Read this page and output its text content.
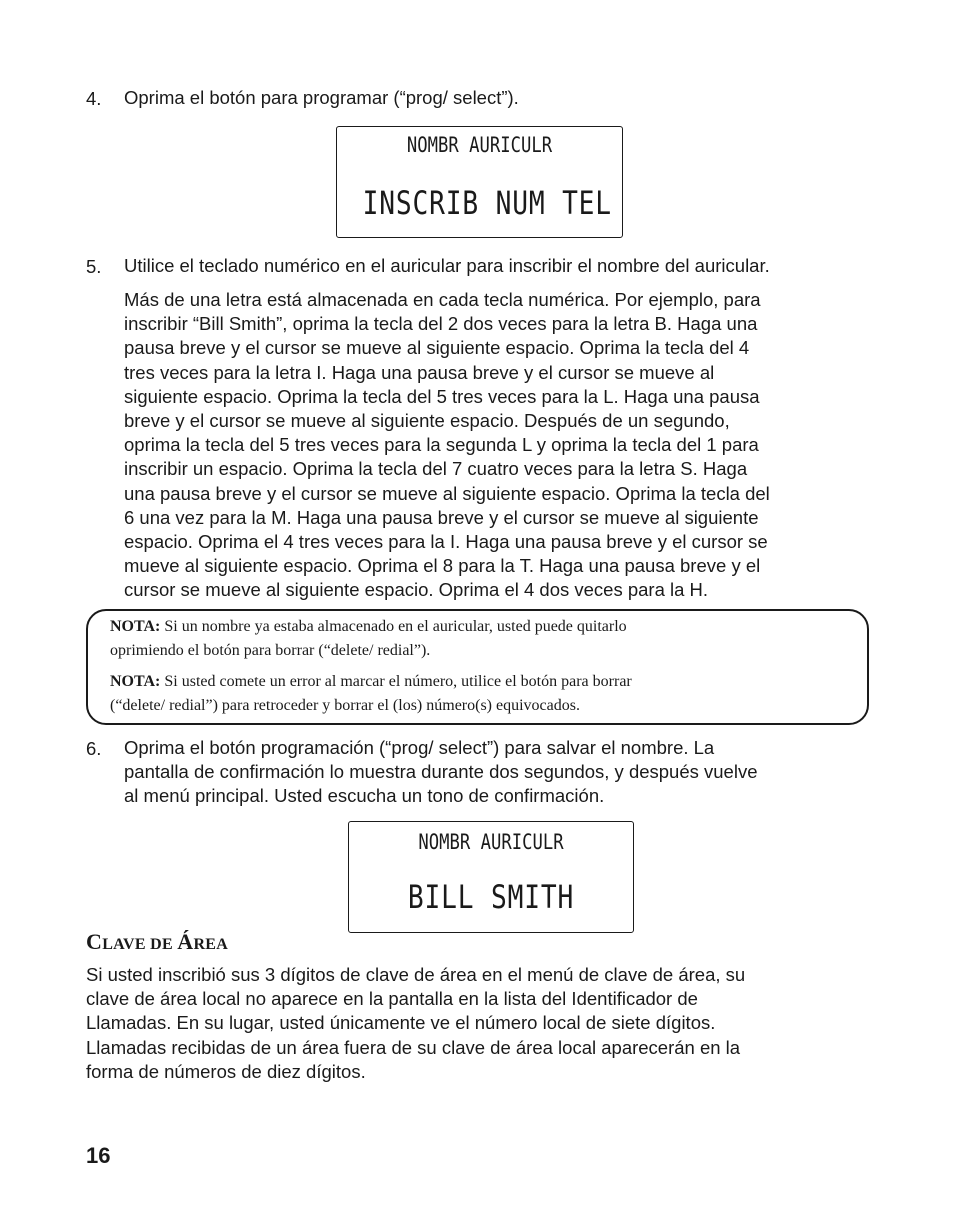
4. Oprima el botón para programar (“prog/ select”).
NOMBR AURICULR
INSCRIB NUM TEL
5. Utilice el teclado numérico en el auricular para inscribir el nombre del auricular.
Más de una letra está almacenada en cada tecla numérica. Por ejemplo, para
inscribir “Bill Smith”, oprima la tecla del 2 dos veces para la letra B. Haga una
pausa breve y el cursor se mueve al siguiente espacio. Oprima la tecla del 4
tres veces para la letra I. Haga una pausa breve y el cursor se mueve al
siguiente espacio. Oprima la tecla del 5 tres veces para la L. Haga una pausa
breve y el cursor se mueve al siguiente espacio. Después de un segundo,
oprima la tecla del 5 tres veces para la segunda L y oprima la tecla del 1 para
inscribir un espacio. Oprima la tecla del 7 cuatro veces para la letra S. Haga
una pausa breve y el cursor se mueve al siguiente espacio. Oprima la tecla del
6 una vez para la M. Haga una pausa breve y el cursor se mueve al siguiente
espacio. Oprima el 4 tres veces para la I. Haga una pausa breve y el cursor se
mueve al siguiente espacio. Oprima el 8 para la T. Haga una pausa breve y el
cursor se mueve al siguiente espacio. Oprima el 4 dos veces para la H.

NOTA: Si un nombre ya estaba almacenado en el auricular, usted puede quitarlo
oprimiendo el botón para borrar (“delete/ redial”).

NOTA: Si usted comete un error al marcar el número, utilice el botón para borrar
(“delete/ redial”) para retroceder y borrar el (los) número(s) equivocados.

6. Oprima el botón programación (“prog/ select”) para salvar el nombre. La
pantalla de confirmación lo muestra durante dos segundos, y después vuelve
al menú principal. Usted escucha un tono de confirmación.
NOMBR AURICULR
BILL SMITH
CLAVE DE ÁREA
Si usted inscribió sus 3 dígitos de clave de área en el menú de clave de área, su
clave de área local no aparece en la pantalla en la lista del Identificador de
Llamadas. En su lugar, usted únicamente ve el número local de siete dígitos.
Llamadas recibidas de un área fuera de su clave de área local aparecerán en la
forma de números de diez dígitos.
16
